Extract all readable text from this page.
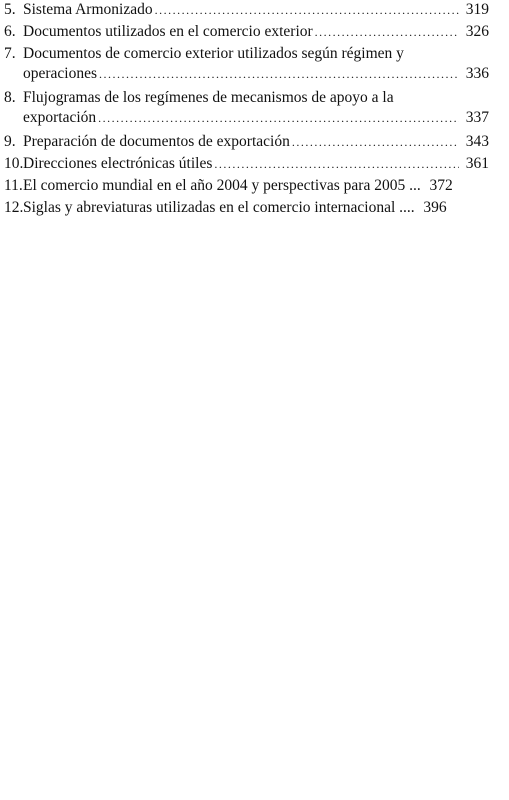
5. Sistema Armonizado .....	319
6. Documentos utilizados en el comercio exterior .....	326
7. Documentos de comercio exterior utilizados según régimen y
operaciones .....	336
8. Flujogramas de los regímenes de mecanismos de apoyo a la
exportación .....	337
9. Preparación de documentos de exportación .....	343
10. Direcciones electrónicas útiles .....	361
11. El comercio mundial en el año 2004 y perspectivas para 2005 ... 372
12. Siglas y abreviaturas utilizadas en el comercio internacional .... 396
